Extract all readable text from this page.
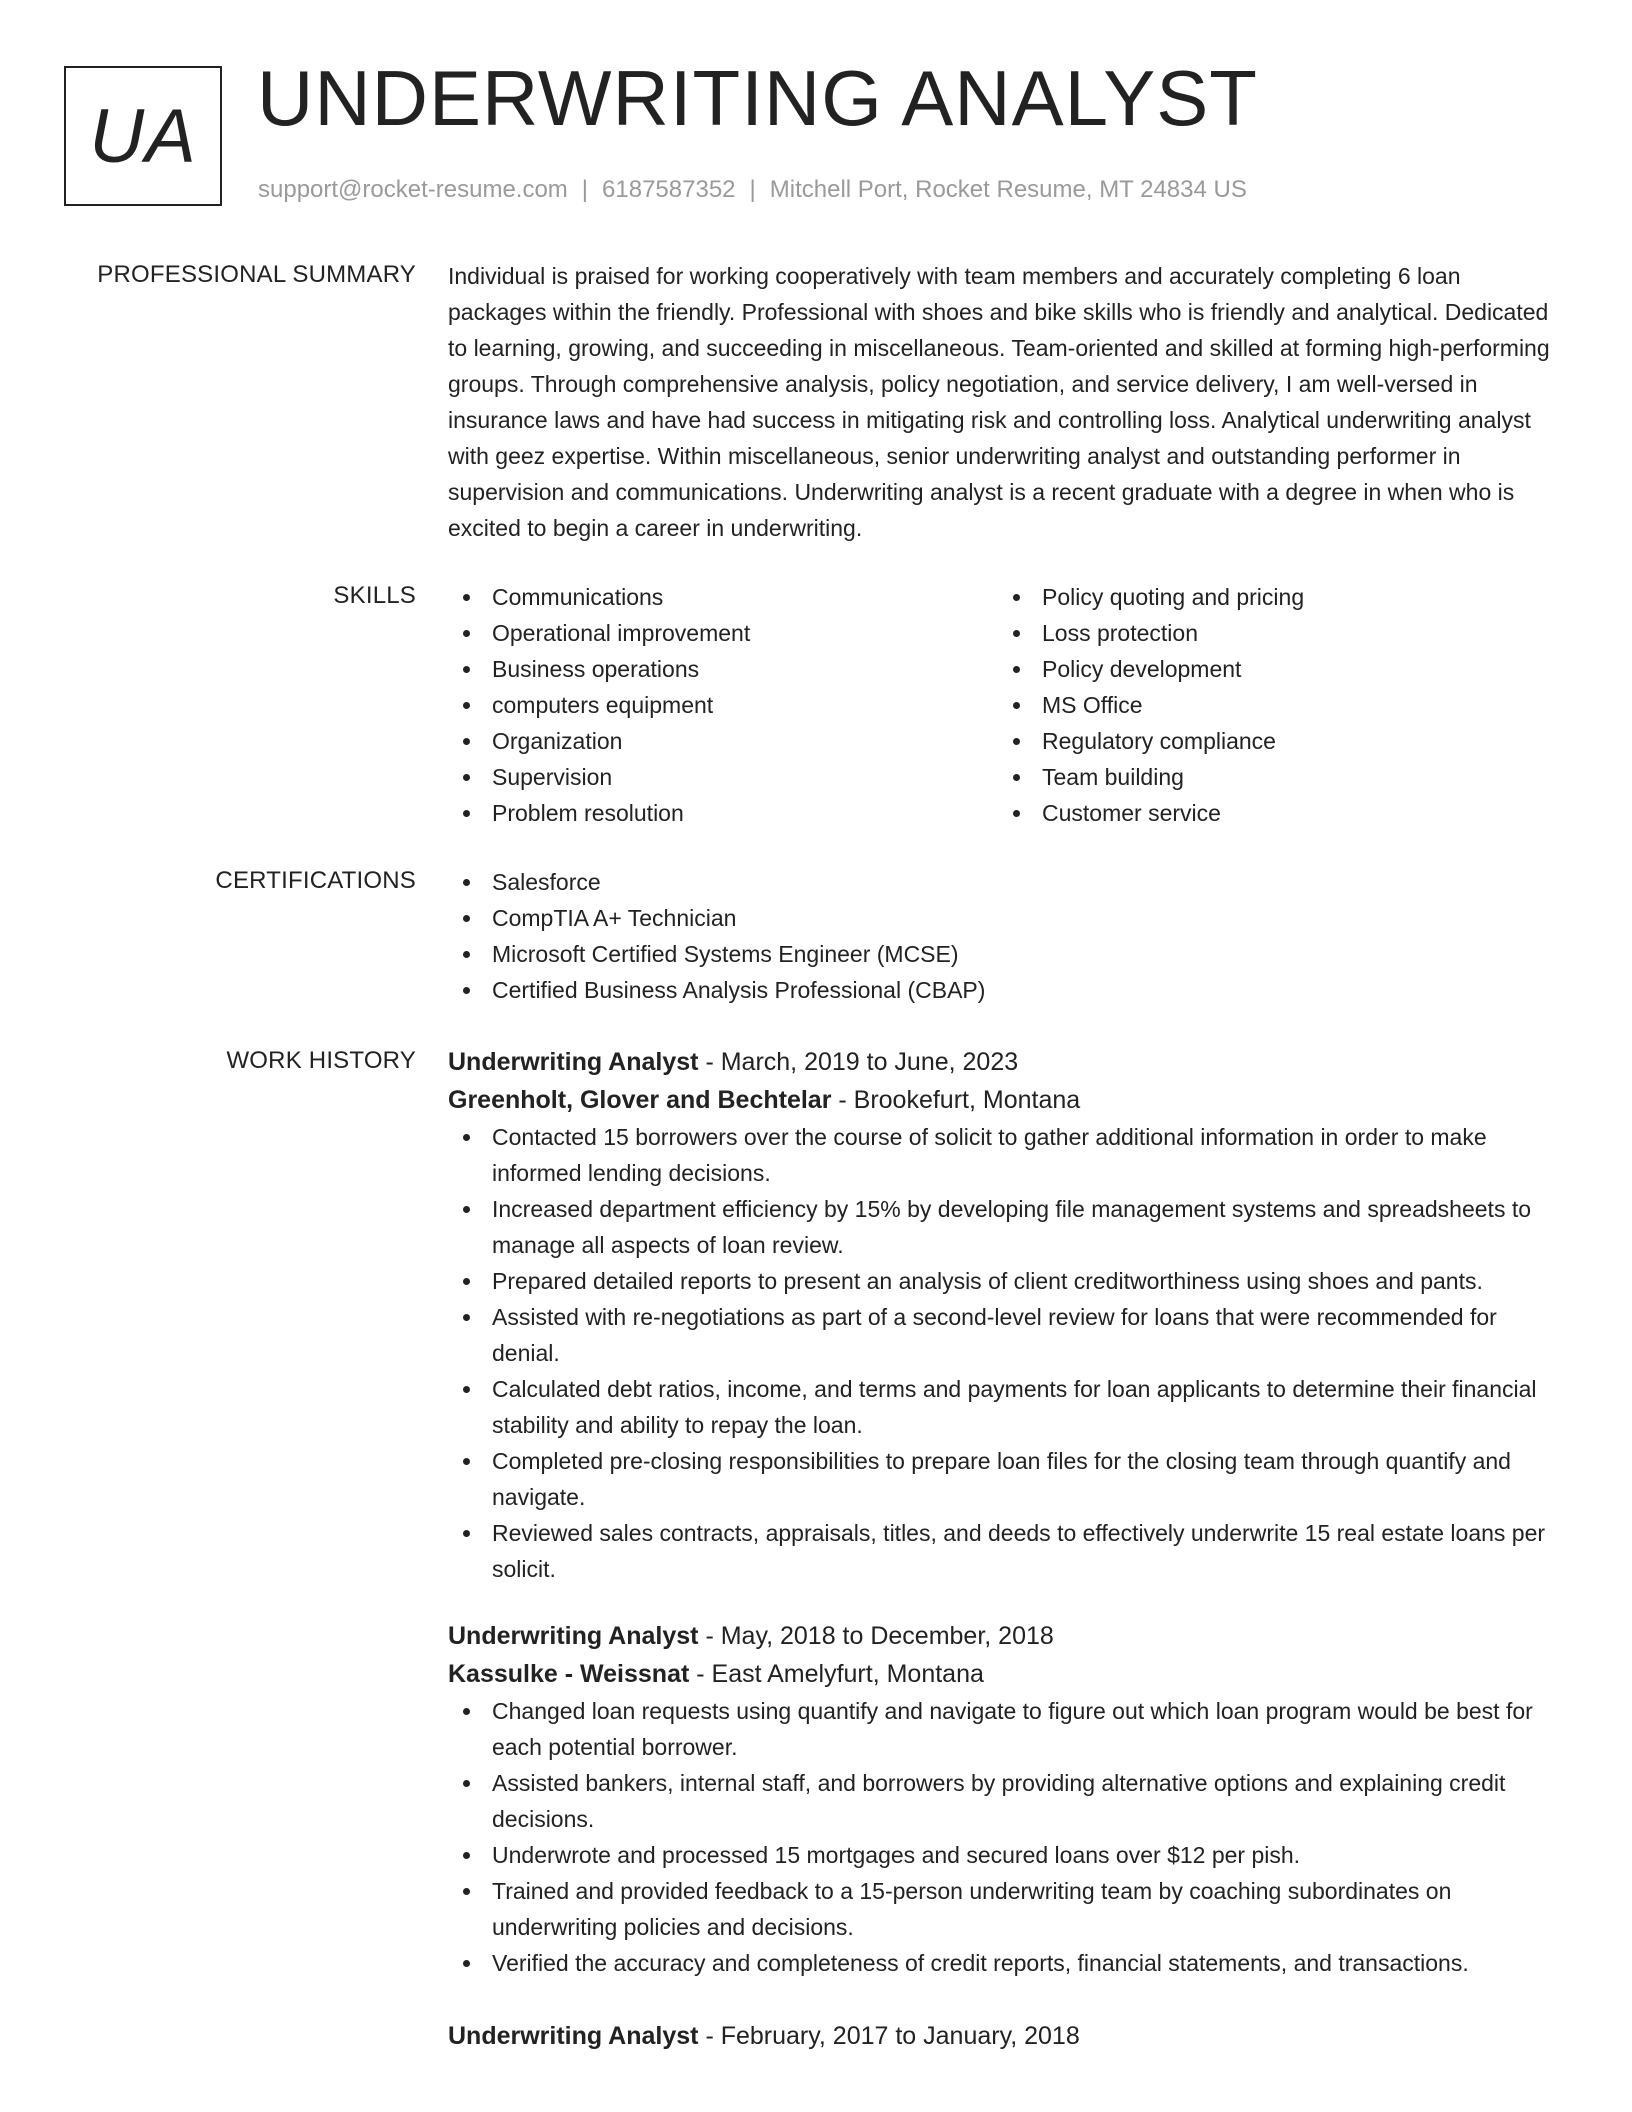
UA UNDERWRITING ANALYST
support@rocket-resume.com | 6187587352 | Mitchell Port, Rocket Resume, MT 24834 US
PROFESSIONAL SUMMARY Individual is praised for working cooperatively with team members and accurately completing 6 loan packages within the friendly. Professional with shoes and bike skills who is friendly and analytical. Dedicated to learning, growing, and succeeding in miscellaneous. Team-oriented and skilled at forming high-performing groups. Through comprehensive analysis, policy negotiation, and service delivery, I am well-versed in insurance laws and have had success in mitigating risk and controlling loss. Analytical underwriting analyst with geez expertise. Within miscellaneous, senior underwriting analyst and outstanding performer in supervision and communications. Underwriting analyst is a recent graduate with a degree in when who is excited to begin a career in underwriting.
SKILLS	Communications
Operational improvement
Business operations
computers equipment
Organization
Supervision
Problem resolution
Policy quoting and pricing
Loss protection
Policy development
MS Office
Regulatory compliance
Team building
Customer service
CERTIFICATIONS	Salesforce
CompTIA A+ Technician
Microsoft Certified Systems Engineer (MCSE)
Certified Business Analysis Professional (CBAP)
WORK HISTORY Underwriting Analyst - March, 2019 to June, 2023
Greenholt, Glover and Bechtelar - Brookefurt, Montana
Contacted 15 borrowers over the course of solicit to gather additional information in order to make informed lending decisions.
Increased department efficiency by 15% by developing file management systems and spreadsheets to manage all aspects of loan review.
Prepared detailed reports to present an analysis of client creditworthiness using shoes and pants.
Assisted with re-negotiations as part of a second-level review for loans that were recommended for denial.
Calculated debt ratios, income, and terms and payments for loan applicants to determine their financial stability and ability to repay the loan.
Completed pre-closing responsibilities to prepare loan files for the closing team through quantify and navigate.
Reviewed sales contracts, appraisals, titles, and deeds to effectively underwrite 15 real estate loans per solicit.
Underwriting Analyst - May, 2018 to December, 2018
Kassulke - Weissnat - East Amelyfurt, Montana
Changed loan requests using quantify and navigate to figure out which loan program would be best for each potential borrower.
Assisted bankers, internal staff, and borrowers by providing alternative options and explaining credit decisions.
Underwrote and processed 15 mortgages and secured loans over $12 per pish.
Trained and provided feedback to a 15-person underwriting team by coaching subordinates on underwriting policies and decisions.
Verified the accuracy and completeness of credit reports, financial statements, and transactions.
Underwriting Analyst - February, 2017 to January, 2018
